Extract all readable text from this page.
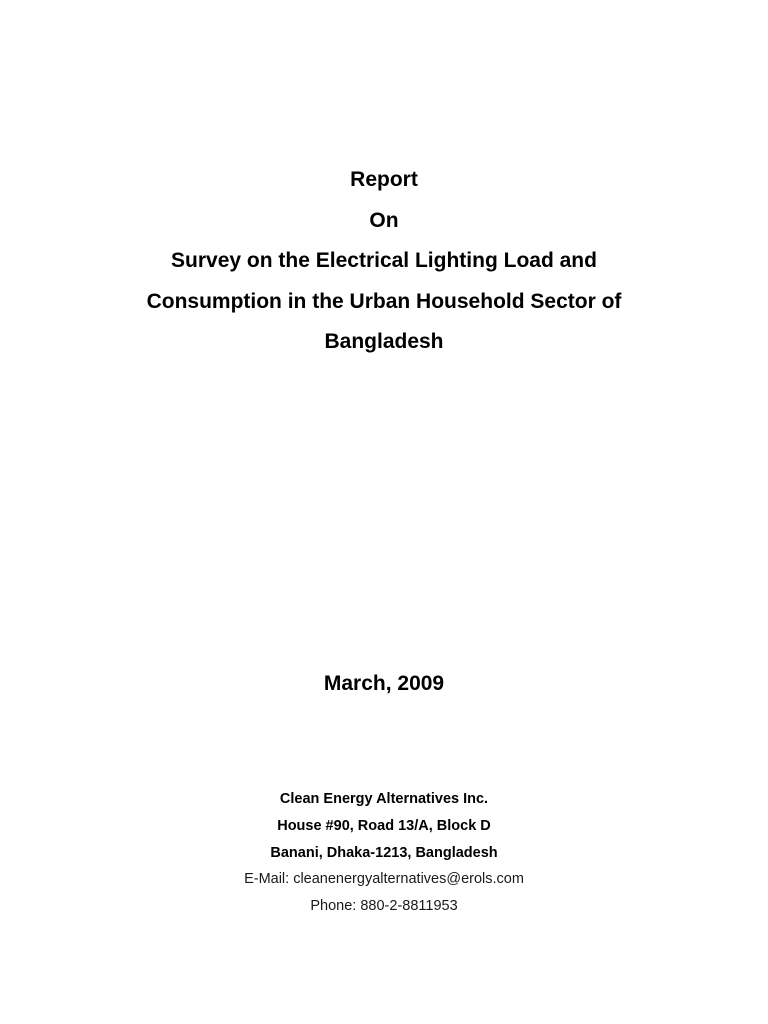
Report

On

Survey on the Electrical Lighting Load and

Consumption in the Urban Household Sector of

Bangladesh

March, 2009

Clean Energy Alternatives Inc.

House #90, Road 13/A, Block D

Banani, Dhaka-1213, Bangladesh

E-Mail: cleanenergyalternatives@erols.com

Phone: 880-2-8811953
